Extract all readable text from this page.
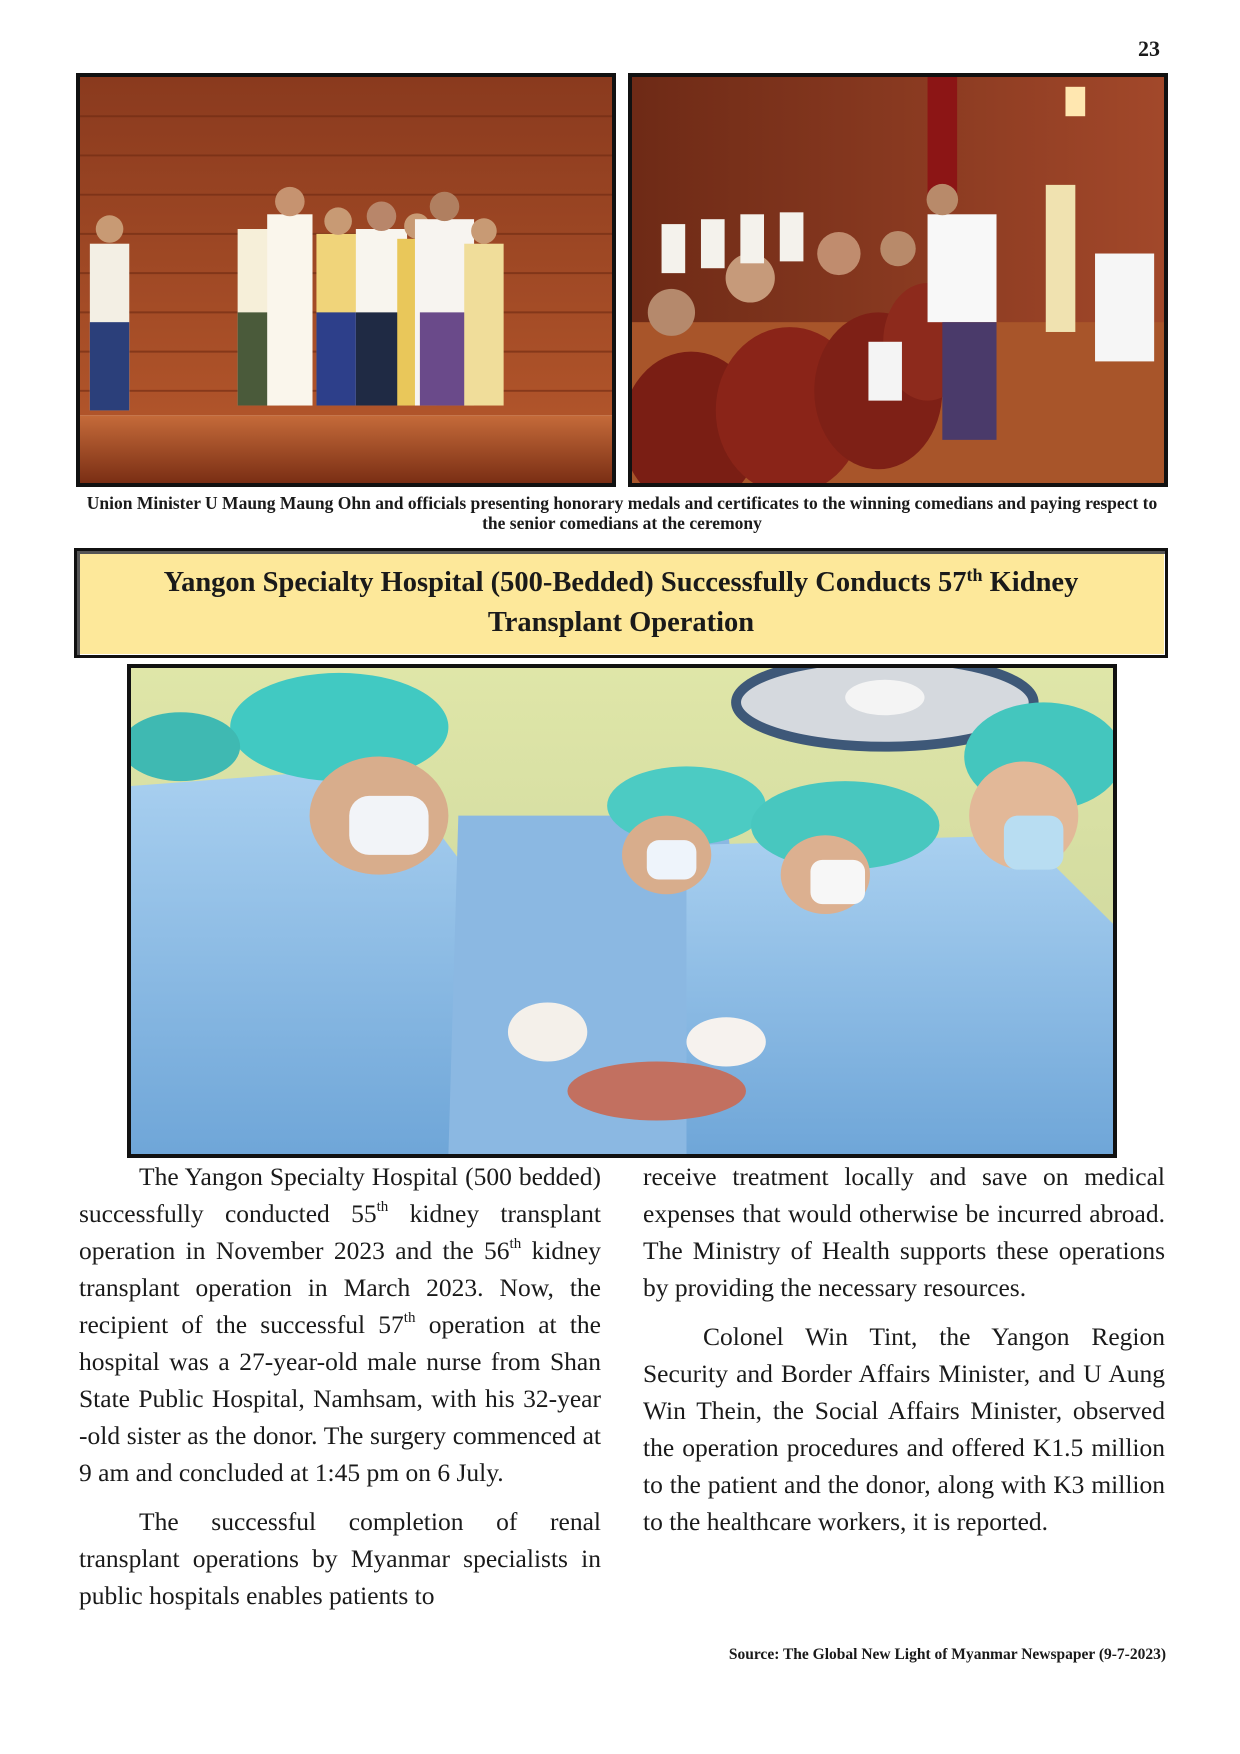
23
Union Minister U Maung Maung Ohn and officials presenting honorary medals and certificates to the winning comedians and paying respect to the senior comedians at the ceremony
Yangon Specialty Hospital (500-Bedded) Successfully Conducts 57th Kidney Transplant Operation

The Yangon Specialty Hospital (500 bedded) successfully conducted 55th kidney transplant operation in November 2023 and the 56th kidney transplant operation in March 2023. Now, the recipient of the successful 57th operation at the hospital was a 27-year-old male nurse from Shan State Public Hospital, Namhsam, with his 32-year -old sister as the donor. The surgery commenced at 9 am and concluded at 1:45 pm on 6 July.

The successful completion of renal transplant operations by Myanmar specialists in public hospitals enables patients to

receive treatment locally and save on medical expenses that would otherwise be incurred abroad. The Ministry of Health supports these operations by providing the necessary resources.

Colonel Win Tint, the Yangon Region Security and Border Affairs Minister, and U Aung Win Thein, the Social Affairs Minister, observed the operation procedures and offered K1.5 million to the patient and the donor, along with K3 million to the healthcare workers, it is reported.

Source: The Global New Light of Myanmar Newspaper (9-7-2023)
